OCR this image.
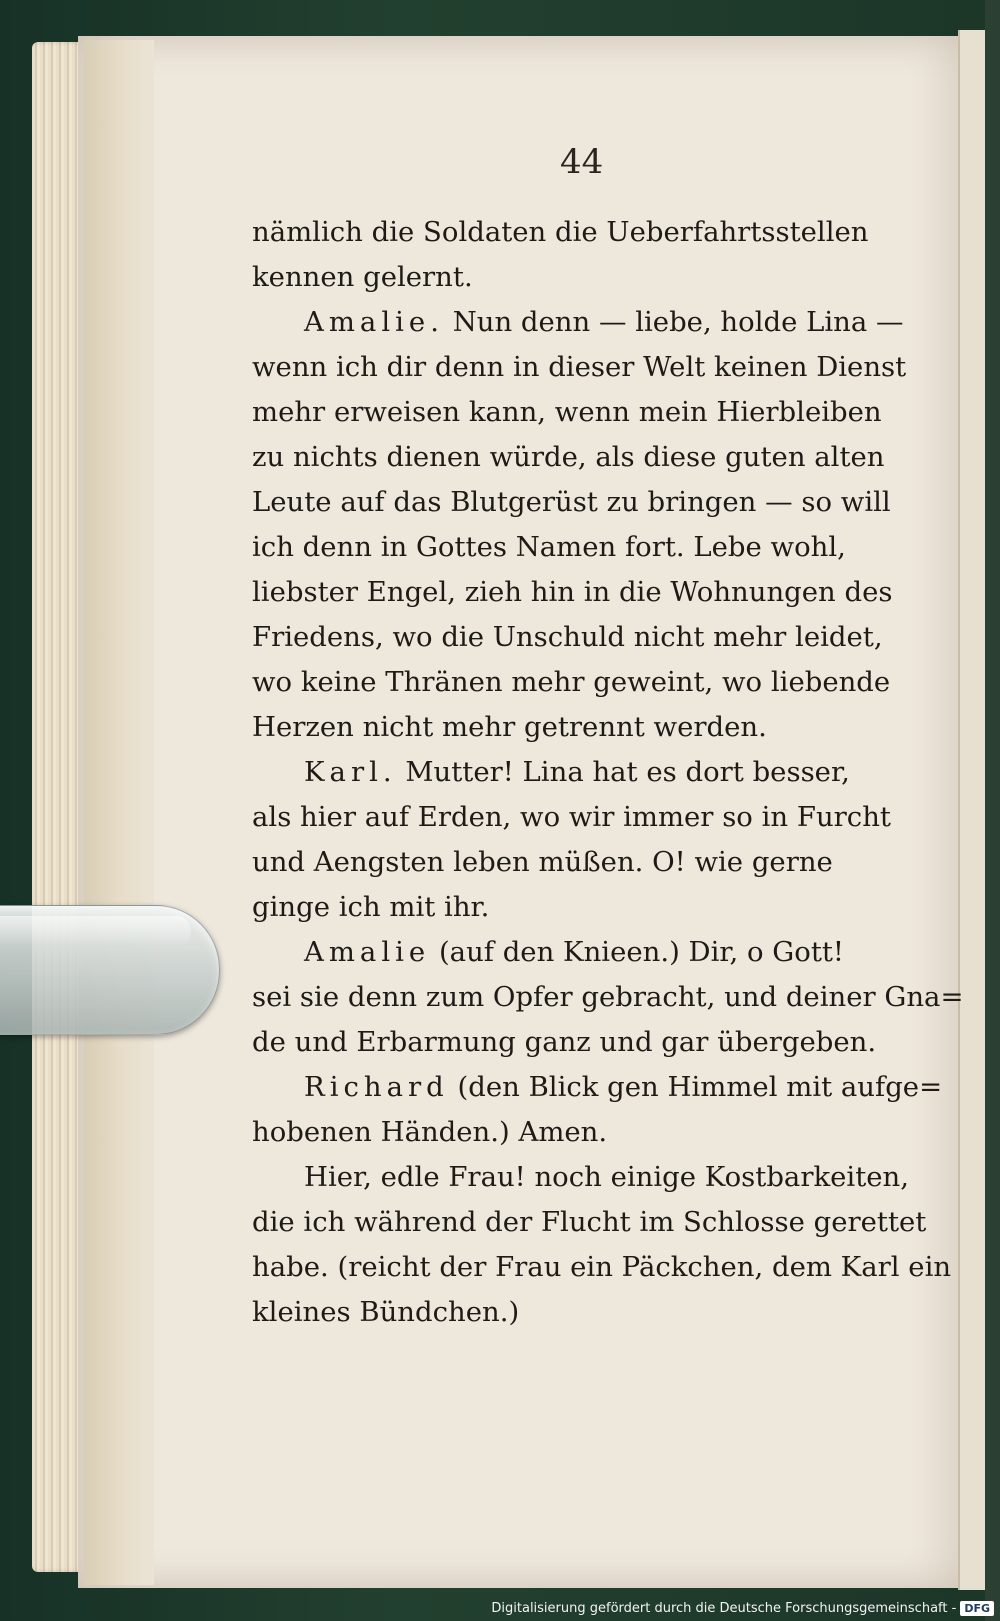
44

nämlich die Soldaten die Ueberfahrtsstellen
kennen gelernt.

Amalie. Nun denn — liebe, holde Lina —
wenn ich dir denn in dieser Welt keinen Dienst
mehr erweisen kann, wenn mein Hierbleiben
zu nichts dienen würde, als diese guten alten
Leute auf das Blutgerüst zu bringen — so will
ich denn in Gottes Namen fort. Lebe wohl,
liebster Engel, zieh hin in die Wohnungen des
Friedens, wo die Unschuld nicht mehr leidet,
wo keine Thränen mehr geweint, wo liebende
Herzen nicht mehr getrennt werden.

Karl. Mutter! Lina hat es dort besser,
als hier auf Erden, wo wir immer so in Furcht
und Aengsten leben müßen. O! wie gerne
ginge ich mit ihr.

Amalie (auf den Knieen.) Dir, o Gott!
sei sie denn zum Opfer gebracht, und deiner Gna=
de und Erbarmung ganz und gar übergeben.

Richard (den Blick gen Himmel mit aufge=
hobenen Händen.) Amen.

Hier, edle Frau! noch einige Kostbarkeiten,
die ich während der Flucht im Schlosse gerettet
habe. (reicht der Frau ein Päckchen, dem Karl ein
kleines Bündchen.)

Digitalisierung gefördert durch die Deutsche Forschungsgemeinschaft - DFG
